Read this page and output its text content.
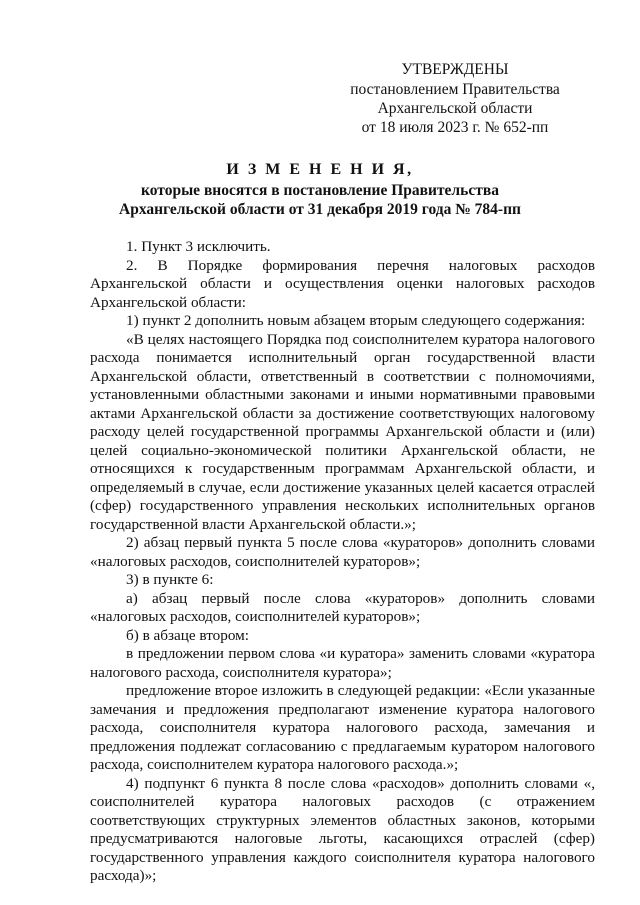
УТВЕРЖДЕНЫ
постановлением Правительства
Архангельской области
от 18 июля 2023 г. № 652-пп
И З М Е Н Е Н И Я,
которые вносятся в постановление Правительства
Архангельской области от 31 декабря 2019 года № 784-пп

1. Пункт 3 исключить.

2. В Порядке формирования перечня налоговых расходов Архангельской области и осуществления оценки налоговых расходов Архангельской области:

1) пункт 2 дополнить новым абзацем вторым следующего содержания:

«В целях настоящего Порядка под соисполнителем куратора налогового расхода понимается исполнительный орган государственной власти Архангельской области, ответственный в соответствии с полномочиями, установленными областными законами и иными нормативными правовыми актами Архангельской области за достижение соответствующих налоговому расходу целей государственной программы Архангельской области и (или) целей социально-экономической политики Архангельской области, не относящихся к государственным программам Архангельской области, и определяемый в случае, если достижение указанных целей касается отраслей (сфер) государственного управления нескольких исполнительных органов государственной власти Архангельской области.»;

2) абзац первый пункта 5 после слова «кураторов» дополнить словами «налоговых расходов, соисполнителей кураторов»;

3) в пункте 6:

а) абзац первый после слова «кураторов» дополнить словами «налоговых расходов, соисполнителей кураторов»;

б) в абзаце втором:

в предложении первом слова «и куратора» заменить словами «куратора налогового расхода, соисполнителя куратора»;

предложение второе изложить в следующей редакции: «Если указанные замечания и предложения предполагают изменение куратора налогового расхода, соисполнителя куратора налогового расхода, замечания и предложения подлежат согласованию с предлагаемым куратором налогового расхода, соисполнителем куратора налогового расхода.»;

4) подпункт 6 пункта 8 после слова «расходов» дополнить словами «, соисполнителей куратора налоговых расходов (с отражением соответствующих структурных элементов областных законов, которыми предусматриваются налоговые льготы, касающихся отраслей (сфер) государственного управления каждого соисполнителя куратора налогового расхода)»;
